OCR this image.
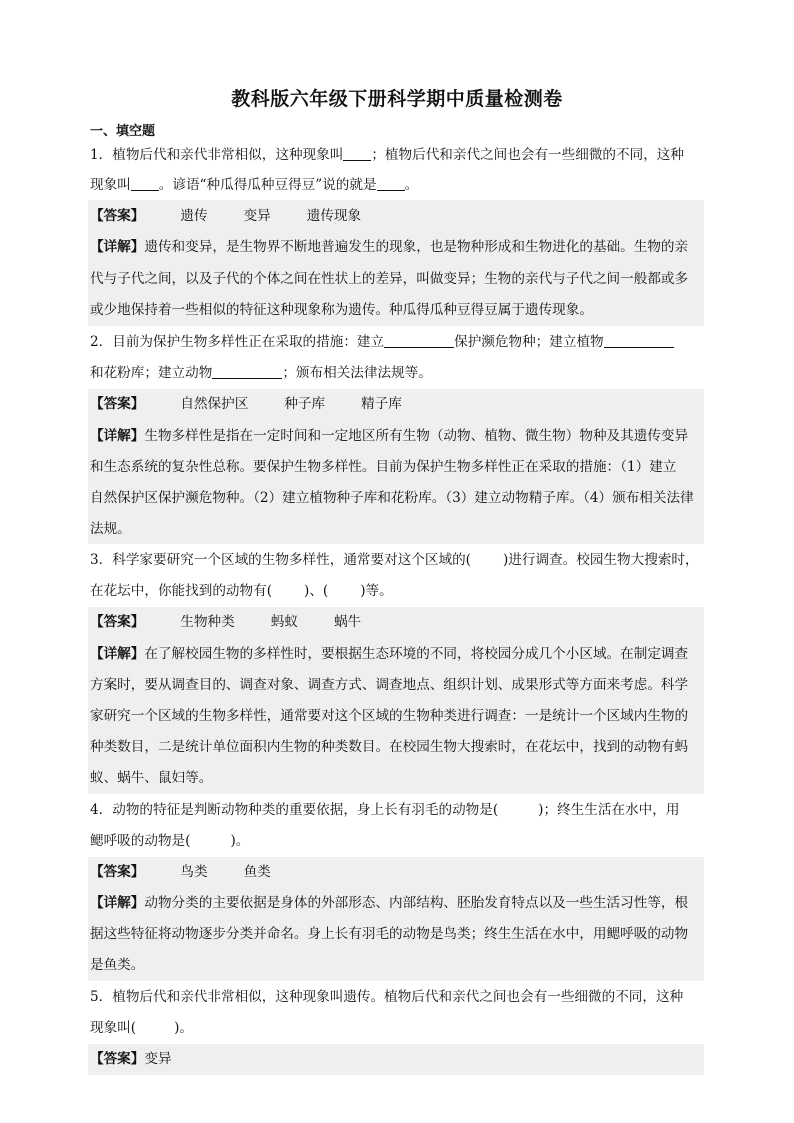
教科版六年级下册科学期中质量检测卷
一、填空题
1．植物后代和亲代非常相似，这种现象叫 ；植物后代和亲代之间也会有一些细微的不同，这种
现象叫 。谚语“种瓜得瓜种豆得豆”说的就是 。
【答案】	遗传	变异	遗传现象
【详解】遗传和变异，是生物界不断地普遍发生的现象，也是物种形成和生物进化的基础。生物的亲
代与子代之间，以及子代的个体之间在性状上的差异，叫做变异；生物的亲代与子代之间一般都或多
或少地保持着一些相似的特征这种现象称为遗传。种瓜得瓜种豆得豆属于遗传现象。
2．目前为保护生物多样性正在采取的措施：建立	保护濒危物种；建立植物
和花粉库；建立动物	；颁布相关法律法规等。
【答案】	自然保护区	种子库	精子库
【详解】生物多样性是指在一定时间和一定地区所有生物（动物、植物、微生物）物种及其遗传变异
和生态系统的复杂性总称。要保护生物多样性。目前为保护生物多样性正在采取的措施：（1）建立
自然保护区保护濒危物种。（2）建立植物种子库和花粉库。（3）建立动物精子库。（4）颁布相关法律
法规。
3．科学家要研究一个区域的生物多样性，通常要对这个区域的( )进行调查。校园生物大搜索时，
在花坛中，你能找到的动物有( )、( )等。
【答案】	生物种类	蚂蚁	蜗牛
【详解】在了解校园生物的多样性时，要根据生态环境的不同，将校园分成几个小区域。在制定调查
方案时，要从调查目的、调查对象、调查方式、调查地点、组织计划、成果形式等方面来考虑。科学
家研究一个区域的生物多样性，通常要对这个区域的生物种类进行调查：一是统计一个区域内生物的
种类数目，二是统计单位面积内生物的种类数目。在校园生物大搜索时，在花坛中，找到的动物有蚂
蚁、蜗牛、鼠妇等。
4．动物的特征是判断动物种类的重要依据，身上长有羽毛的动物是(	)；终生生活在水中，用
鳃呼吸的动物是(	)。
【答案】	鸟类	鱼类
【详解】动物分类的主要依据是身体的外部形态、内部结构、胚胎发育特点以及一些生活习性等，根
据这些特征将动物逐步分类并命名。身上长有羽毛的动物是鸟类；终生生活在水中，用鳃呼吸的动物
是鱼类。
5．植物后代和亲代非常相似，这种现象叫遗传。植物后代和亲代之间也会有一些细微的不同，这种
现象叫(	)。
【答案】变异
